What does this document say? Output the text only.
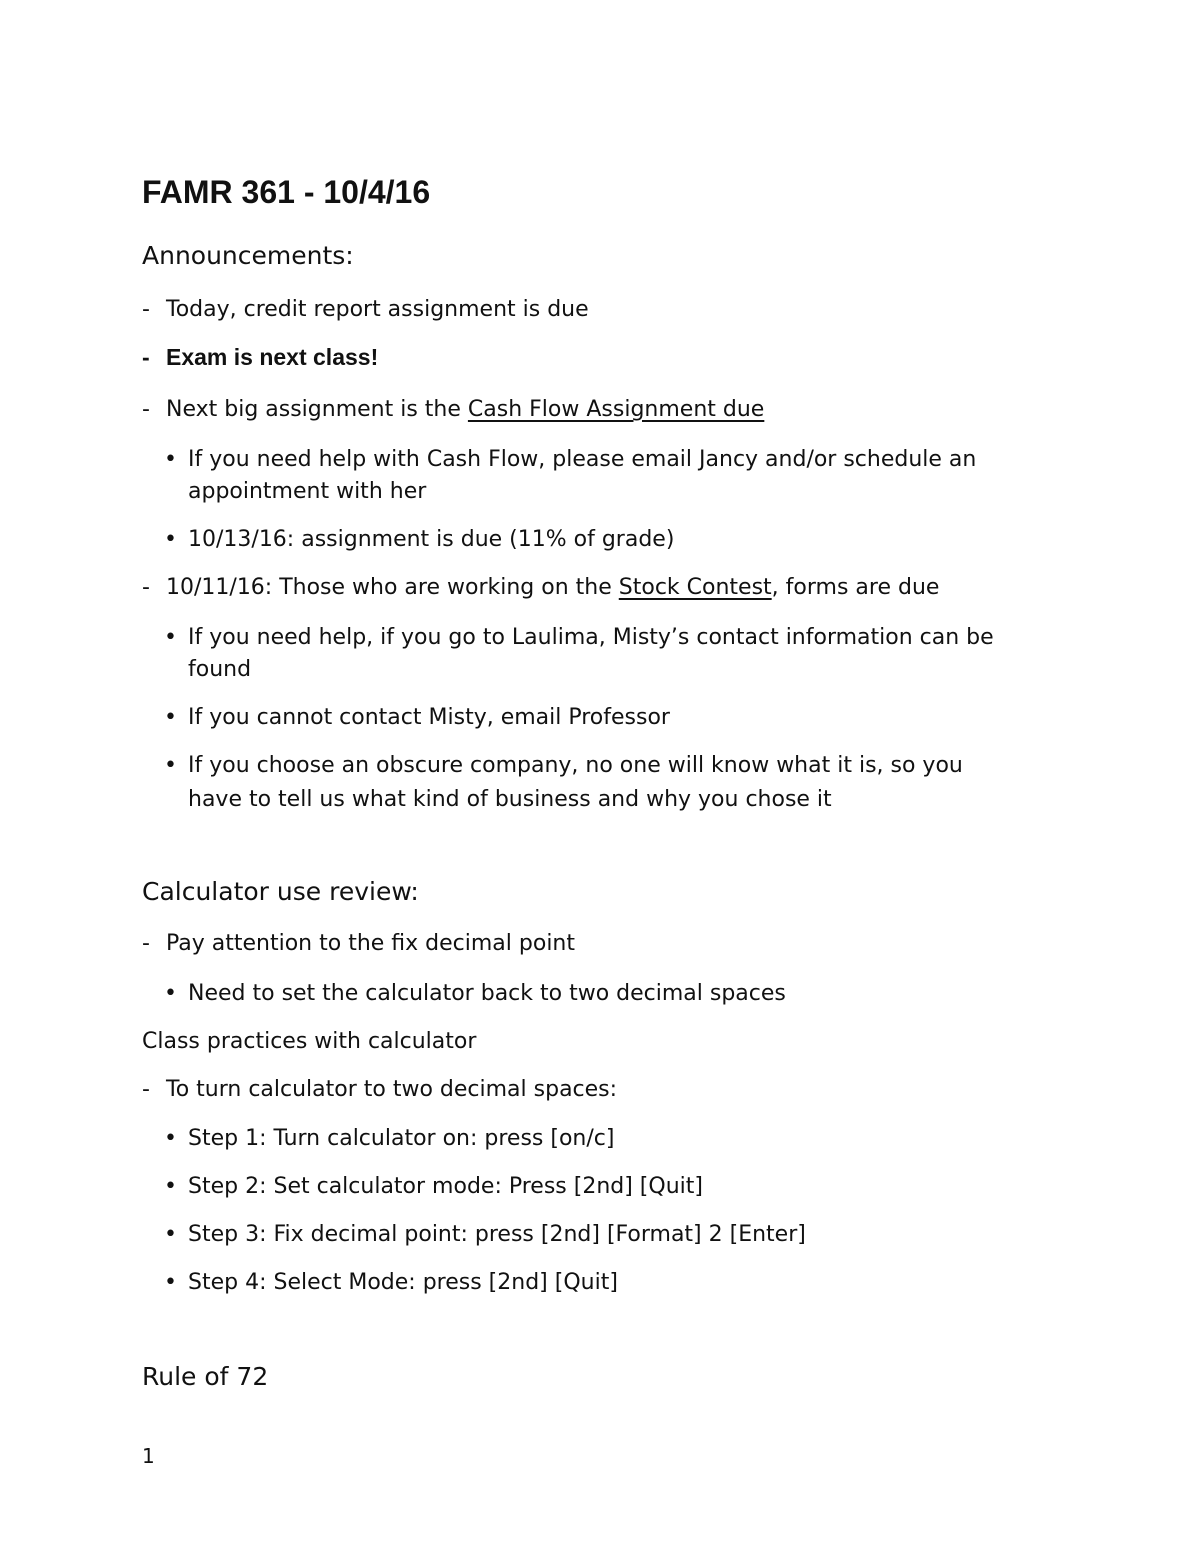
FAMR 361 - 10/4/16
Announcements:
- Today, credit report assignment is due
- Exam is next class!
- Next big assignment is the Cash Flow Assignment due
• If you need help with Cash Flow, please email Jancy and/or schedule an
appointment with her
• 10/13/16: assignment is due (11% of grade)
- 10/11/16: Those who are working on the Stock Contest, forms are due
• If you need help, if you go to Laulima, Misty’s contact information can be
found
• If you cannot contact Misty, email Professor
• If you choose an obscure company, no one will know what it is, so you
have to tell us what kind of business and why you chose it
Calculator use review:
- Pay attention to the fix decimal point
• Need to set the calculator back to two decimal spaces
Class practices with calculator
- To turn calculator to two decimal spaces:
• Step 1: Turn calculator on: press [on/c]
• Step 2: Set calculator mode: Press [2nd] [Quit]
• Step 3: Fix decimal point: press [2nd] [Format] 2 [Enter]
• Step 4: Select Mode: press [2nd] [Quit]
Rule of 72
1
